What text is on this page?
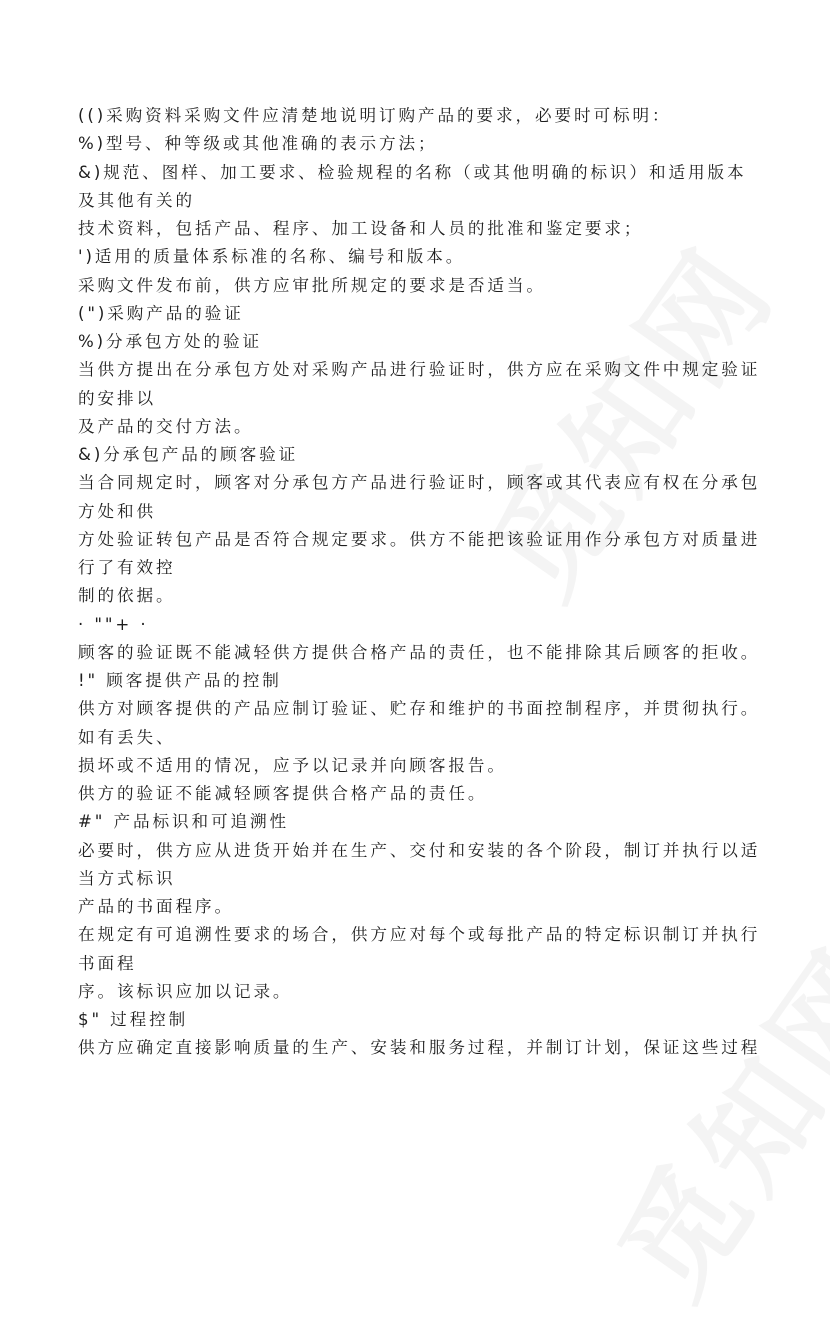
(()采购资料采购文件应清楚地说明订购产品的要求，必要时可标明：
%)型号、种等级或其他准确的表示方法；
&)规范、图样、加工要求、检验规程的名称（或其他明确的标识）和适用版本
及其他有关的
技术资料，包括产品、程序、加工设备和人员的批准和鉴定要求；
')适用的质量体系标准的名称、编号和版本。
采购文件发布前，供方应审批所规定的要求是否适当。
(")采购产品的验证
%)分承包方处的验证
当供方提出在分承包方处对采购产品进行验证时，供方应在采购文件中规定验证
的安排以
及产品的交付方法。
&)分承包产品的顾客验证
当合同规定时，顾客对分承包方产品进行验证时，顾客或其代表应有权在分承包
方处和供
方处验证转包产品是否符合规定要求。供方不能把该验证用作分承包方对质量进
行了有效控
制的依据。
· ""+ ·
顾客的验证既不能减轻供方提供合格产品的责任，也不能排除其后顾客的拒收。
!" 顾客提供产品的控制
供方对顾客提供的产品应制订验证、贮存和维护的书面控制程序，并贯彻执行。
如有丢失、
损坏或不适用的情况，应予以记录并向顾客报告。
供方的验证不能减轻顾客提供合格产品的责任。
#" 产品标识和可追溯性
必要时，供方应从进货开始并在生产、交付和安装的各个阶段，制订并执行以适
当方式标识
产品的书面程序。
在规定有可追溯性要求的场合，供方应对每个或每批产品的特定标识制订并执行
书面程
序。该标识应加以记录。
$" 过程控制
供方应确定直接影响质量的生产、安装和服务过程，并制订计划，保证这些过程
